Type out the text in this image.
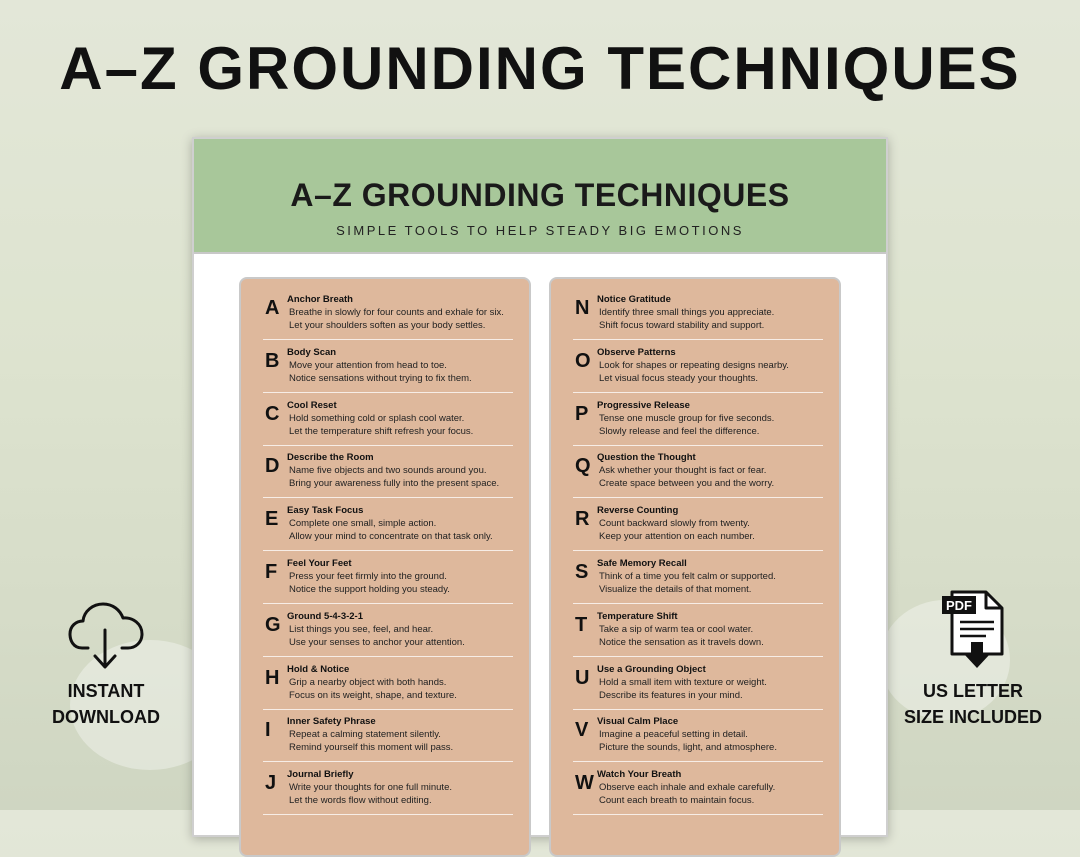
A–Z GROUNDING TECHNIQUES
A–Z GROUNDING TECHNIQUES
SIMPLE TOOLS TO HELP STEADY BIG EMOTIONS
A Anchor Breath
Breathe in slowly for four counts and exhale for six.
Let your shoulders soften as your body settles.
B Body Scan
Move your attention from head to toe.
Notice sensations without trying to fix them.
C Cool Reset
Hold something cold or splash cool water.
Let the temperature shift refresh your focus.
D Describe the Room
Name five objects and two sounds around you.
Bring your awareness fully into the present space.
E Easy Task Focus
Complete one small, simple action.
Allow your mind to concentrate on that task only.
F Feel Your Feet
Press your feet firmly into the ground.
Notice the support holding you steady.
G Ground 5-4-3-2-1
List things you see, feel, and hear.
Use your senses to anchor your attention.
H Hold & Notice
Grip a nearby object with both hands.
Focus on its weight, shape, and texture.
I Inner Safety Phrase
Repeat a calming statement silently.
Remind yourself this moment will pass.
J Journal Briefly
Write your thoughts for one full minute.
Let the words flow without editing.
N Notice Gratitude
Identify three small things you appreciate.
Shift focus toward stability and support.
O Observe Patterns
Look for shapes or repeating designs nearby.
Let visual focus steady your thoughts.
P Progressive Release
Tense one muscle group for five seconds.
Slowly release and feel the difference.
Q Question the Thought
Ask whether your thought is fact or fear.
Create space between you and the worry.
R Reverse Counting
Count backward slowly from twenty.
Keep your attention on each number.
S Safe Memory Recall
Think of a time you felt calm or supported.
Visualize the details of that moment.
T Temperature Shift
Take a sip of warm tea or cool water.
Notice the sensation as it travels down.
U Use a Grounding Object
Hold a small item with texture or weight.
Describe its features in your mind.
V Visual Calm Place
Imagine a peaceful setting in detail.
Picture the sounds, light, and atmosphere.
W Watch Your Breath
Observe each inhale and exhale carefully.
Count each breath to maintain focus.
INSTANT
DOWNLOAD
PDF
US LETTER
SIZE INCLUDED
